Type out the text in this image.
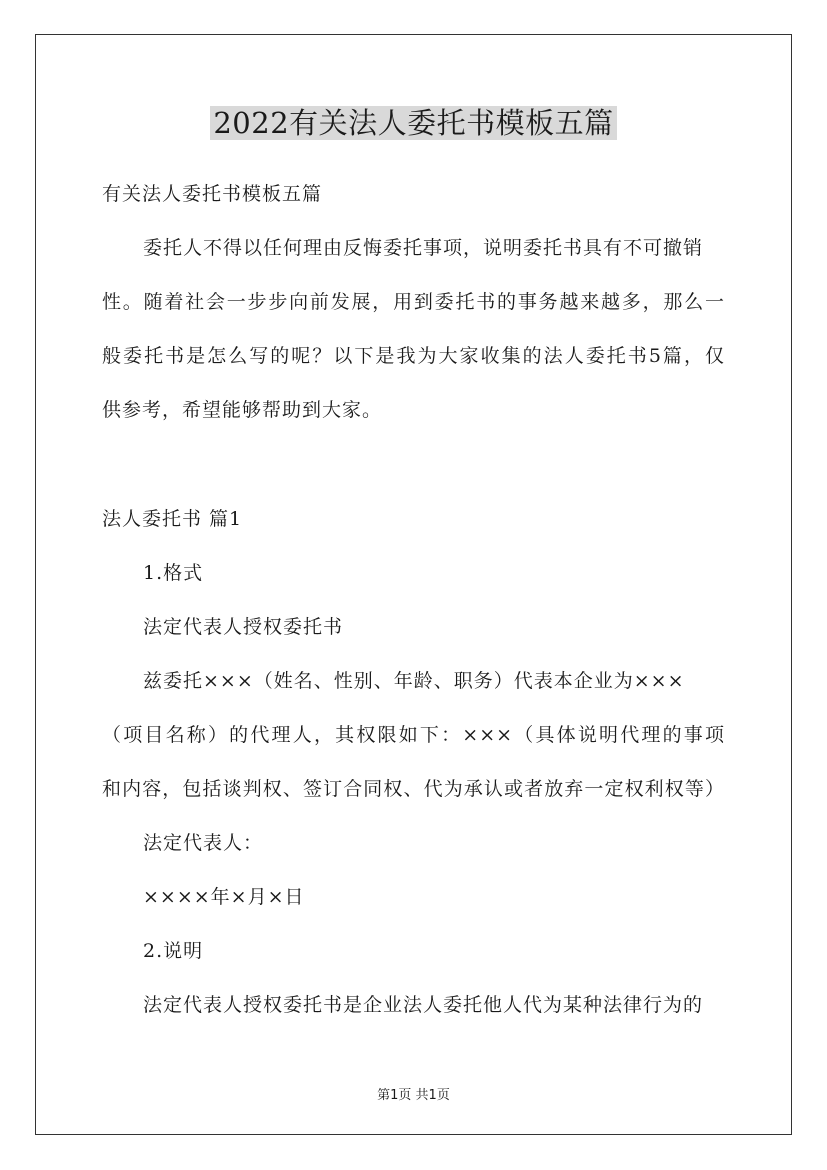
2022有关法人委托书模板五篇
有关法人委托书模板五篇
委托人不得以任何理由反悔委托事项，说明委托书具有不可撤销
性。随着社会一步步向前发展，用到委托书的事务越来越多，那么一
般委托书是怎么写的呢？以下是我为大家收集的法人委托书5篇，仅
供参考，希望能够帮助到大家。
法人委托书 篇1
1.格式
法定代表人授权委托书
兹委托×××（姓名、性别、年龄、职务）代表本企业为×××
（项目名称）的代理人，其权限如下：×××（具体说明代理的事项
和内容，包括谈判权、签订合同权、代为承认或者放弃一定权利权等）
法定代表人：
××××年×月×日
2.说明
法定代表人授权委托书是企业法人委托他人代为某种法律行为的
第1页 共1页
